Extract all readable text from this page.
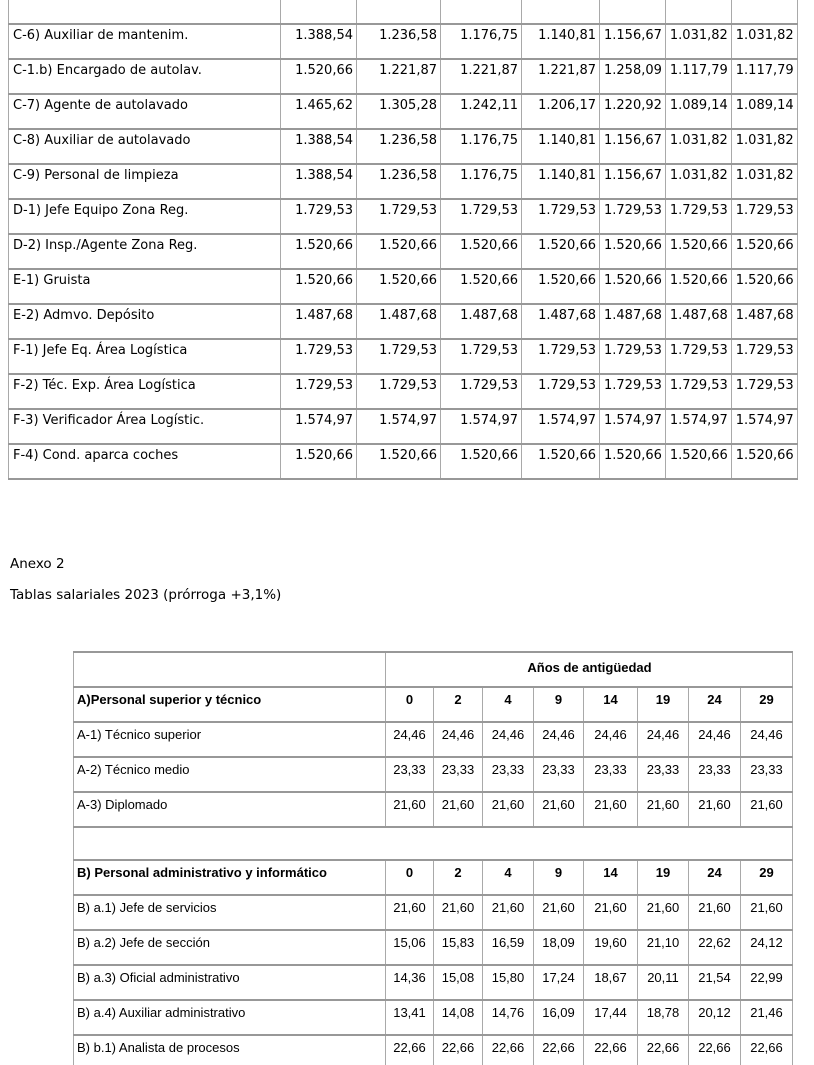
C-6) Auxiliar de mantenim.	1.388,54	1.236,58	1.176,75	1.140,81	1.156,67	1.031,82	1.031,82
C-1.b) Encargado de autolav.	1.520,66	1.221,87	1.221,87	1.221,87	1.258,09	1.117,79	1.117,79
C-7) Agente de autolavado	1.465,62	1.305,28	1.242,11	1.206,17	1.220,92	1.089,14	1.089,14
C-8) Auxiliar de autolavado	1.388,54	1.236,58	1.176,75	1.140,81	1.156,67	1.031,82	1.031,82
C-9) Personal de limpieza	1.388,54	1.236,58	1.176,75	1.140,81	1.156,67	1.031,82	1.031,82
D-1) Jefe Equipo Zona Reg.	1.729,53	1.729,53	1.729,53	1.729,53	1.729,53	1.729,53	1.729,53
D-2) Insp./Agente Zona Reg.	1.520,66	1.520,66	1.520,66	1.520,66	1.520,66	1.520,66	1.520,66
E-1) Gruista	1.520,66	1.520,66	1.520,66	1.520,66	1.520,66	1.520,66	1.520,66
E-2) Admvo. Depósito	1.487,68	1.487,68	1.487,68	1.487,68	1.487,68	1.487,68	1.487,68
F-1) Jefe Eq. Área Logística	1.729,53	1.729,53	1.729,53	1.729,53	1.729,53	1.729,53	1.729,53
F-2) Téc. Exp. Área Logística	1.729,53	1.729,53	1.729,53	1.729,53	1.729,53	1.729,53	1.729,53
F-3) Verificador Área Logístic.	1.574,97	1.574,97	1.574,97	1.574,97	1.574,97	1.574,97	1.574,97
F-4) Cond. aparca coches	1.520,66	1.520,66	1.520,66	1.520,66	1.520,66	1.520,66	1.520,66
Anexo 2
Tablas salariales 2023 (prórroga +3,1%)
	Años de antigüedad							
A)Personal superior y técnico	0	2	4	9	14	19	24	29
A-1) Técnico superior	24,46	24,46	24,46	24,46	24,46	24,46	24,46	24,46
A-2) Técnico medio	23,33	23,33	23,33	23,33	23,33	23,33	23,33	23,33
A-3) Diplomado	21,60	21,60	21,60	21,60	21,60	21,60	21,60	21,60

B) Personal administrativo y informático	0	2	4	9	14	19	24	29
B) a.1) Jefe de servicios	21,60	21,60	21,60	21,60	21,60	21,60	21,60	21,60
B) a.2) Jefe de sección	15,06	15,83	16,59	18,09	19,60	21,10	22,62	24,12
B) a.3) Oficial administrativo	14,36	15,08	15,80	17,24	18,67	20,11	21,54	22,99
B) a.4) Auxiliar administrativo	13,41	14,08	14,76	16,09	17,44	18,78	20,12	21,46
B) b.1) Analista de procesos	22,66	22,66	22,66	22,66	22,66	22,66	22,66	22,66
